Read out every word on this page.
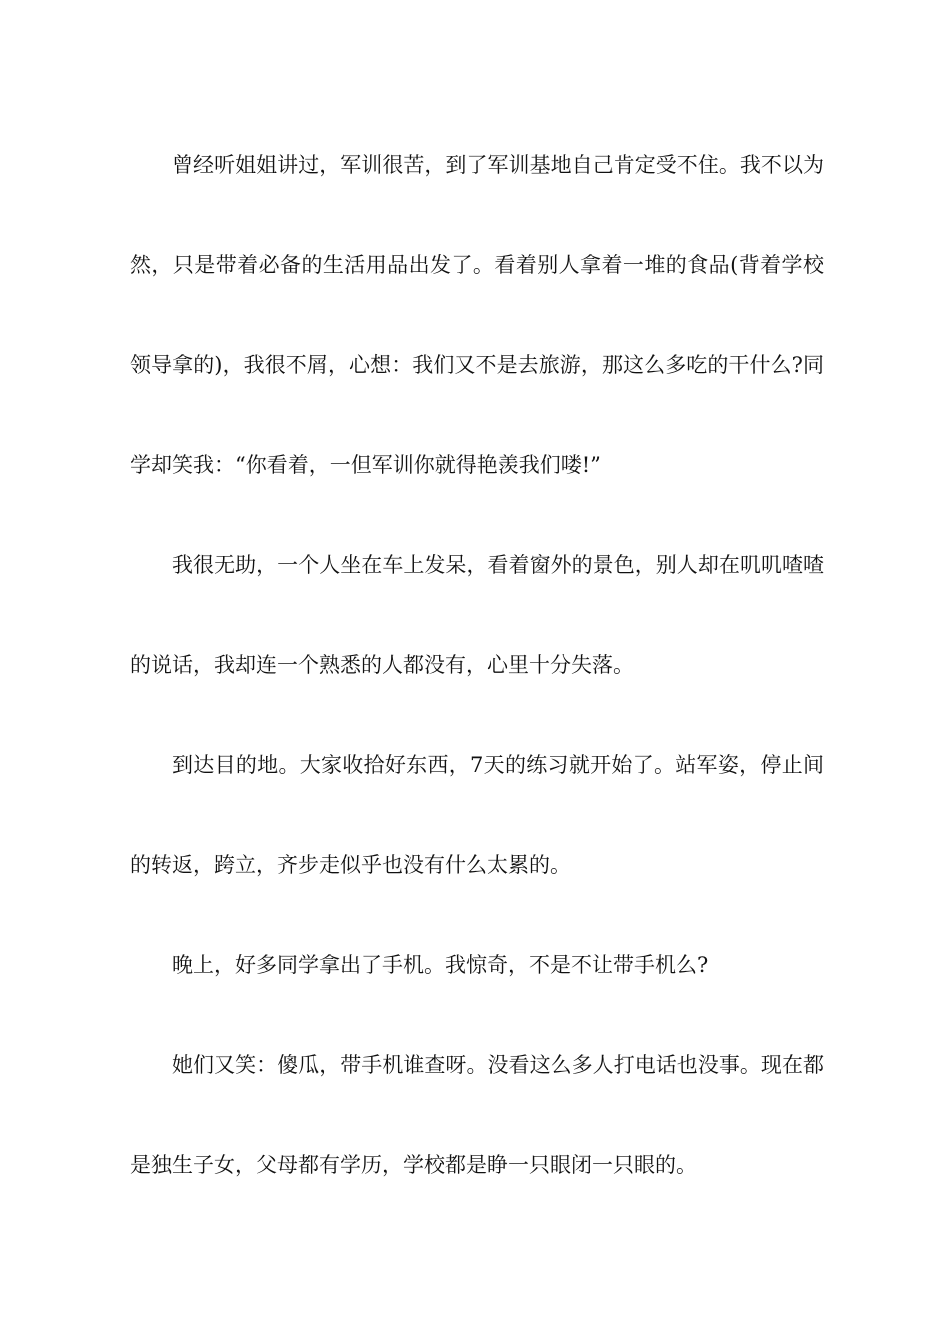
曾经听姐姐讲过，军训很苦，到了军训基地自己肯定受不住。我不以为然，只是带着必备的生活用品出发了。看着别人拿着一堆的食品(背着学校领导拿的)，我很不屑，心想：我们又不是去旅游，那这么多吃的干什么?同学却笑我：“你看着，一但军训你就得艳羡我们喽!”

我很无助，一个人坐在车上发呆，看着窗外的景色，别人却在叽叽喳喳的说话，我却连一个熟悉的人都没有，心里十分失落。

到达目的地。大家收拾好东西，7天的练习就开始了。站军姿，停止间的转返，跨立，齐步走似乎也没有什么太累的。

晚上，好多同学拿出了手机。我惊奇，不是不让带手机么?

她们又笑：傻瓜，带手机谁查呀。没看这么多人打电话也没事。现在都是独生子女，父母都有学历，学校都是睁一只眼闭一只眼的。
